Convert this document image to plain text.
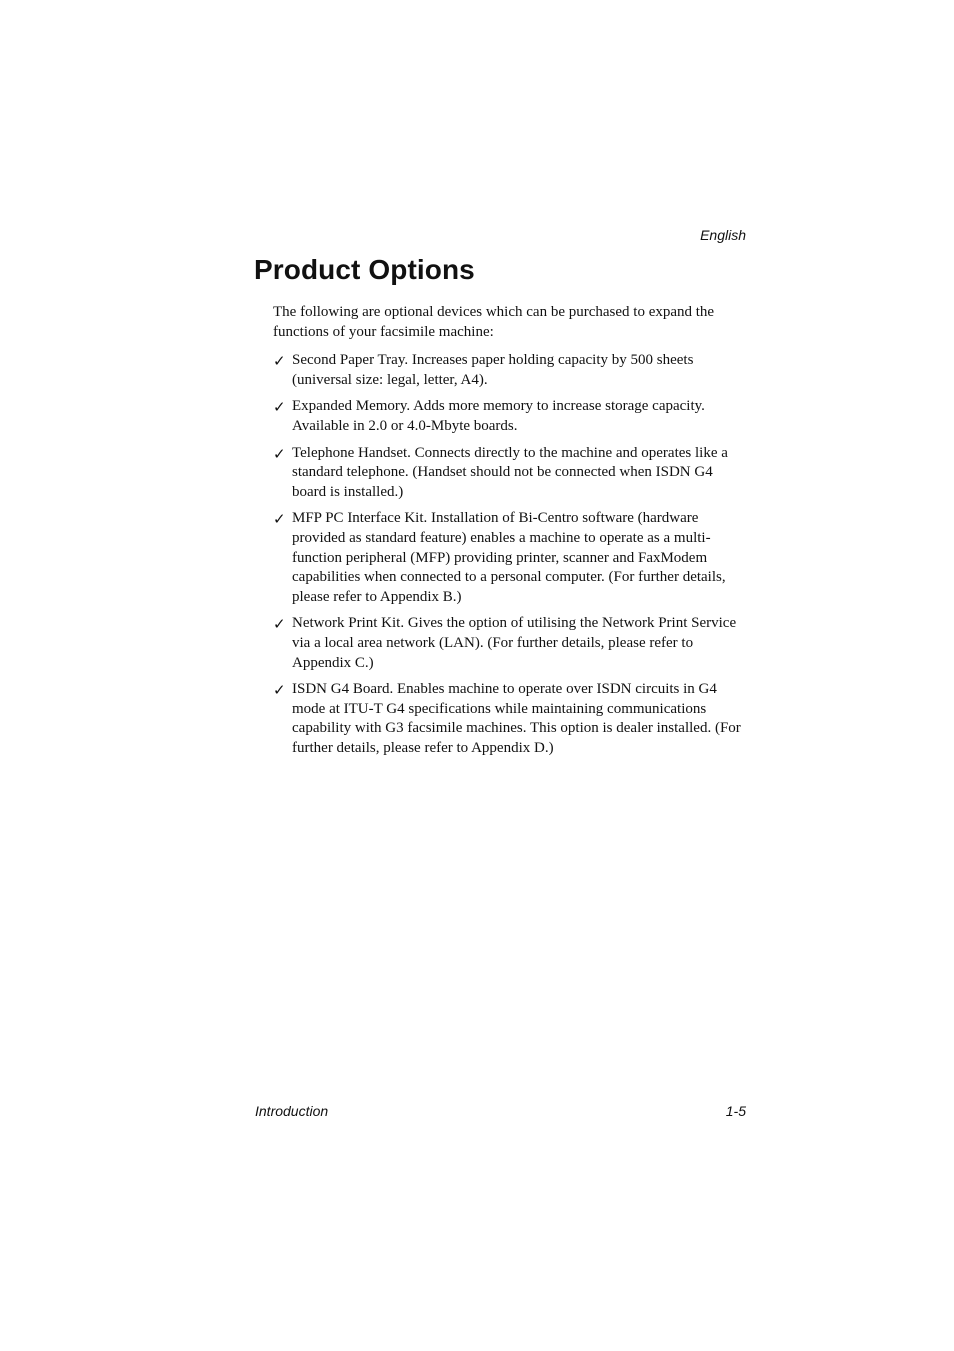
English

Product Options

The following are optional devices which can be purchased to expand the functions of your facsimile machine:

✓ Second Paper Tray. Increases paper holding capacity by 500 sheets (universal size: legal, letter, A4).
✓ Expanded Memory. Adds more memory to increase storage capacity. Available in 2.0 or 4.0-Mbyte boards.
✓ Telephone Handset. Connects directly to the machine and operates like a standard telephone. (Handset should not be connected when ISDN G4 board is installed.)
✓ MFP PC Interface Kit. Installation of Bi-Centro software (hardware provided as standard feature) enables a machine to operate as a multi-function peripheral (MFP) providing printer, scanner and FaxModem capabilities when connected to a personal computer. (For further details, please refer to Appendix B.)
✓ Network Print Kit. Gives the option of utilising the Network Print Service via a local area network (LAN). (For further details, please refer to Appendix C.)
✓ ISDN G4 Board. Enables machine to operate over ISDN circuits in G4 mode at ITU-T G4 specifications while maintaining communications capability with G3 facsimile machines. This option is dealer installed. (For further details, please refer to Appendix D.)

Introduction	1-5
